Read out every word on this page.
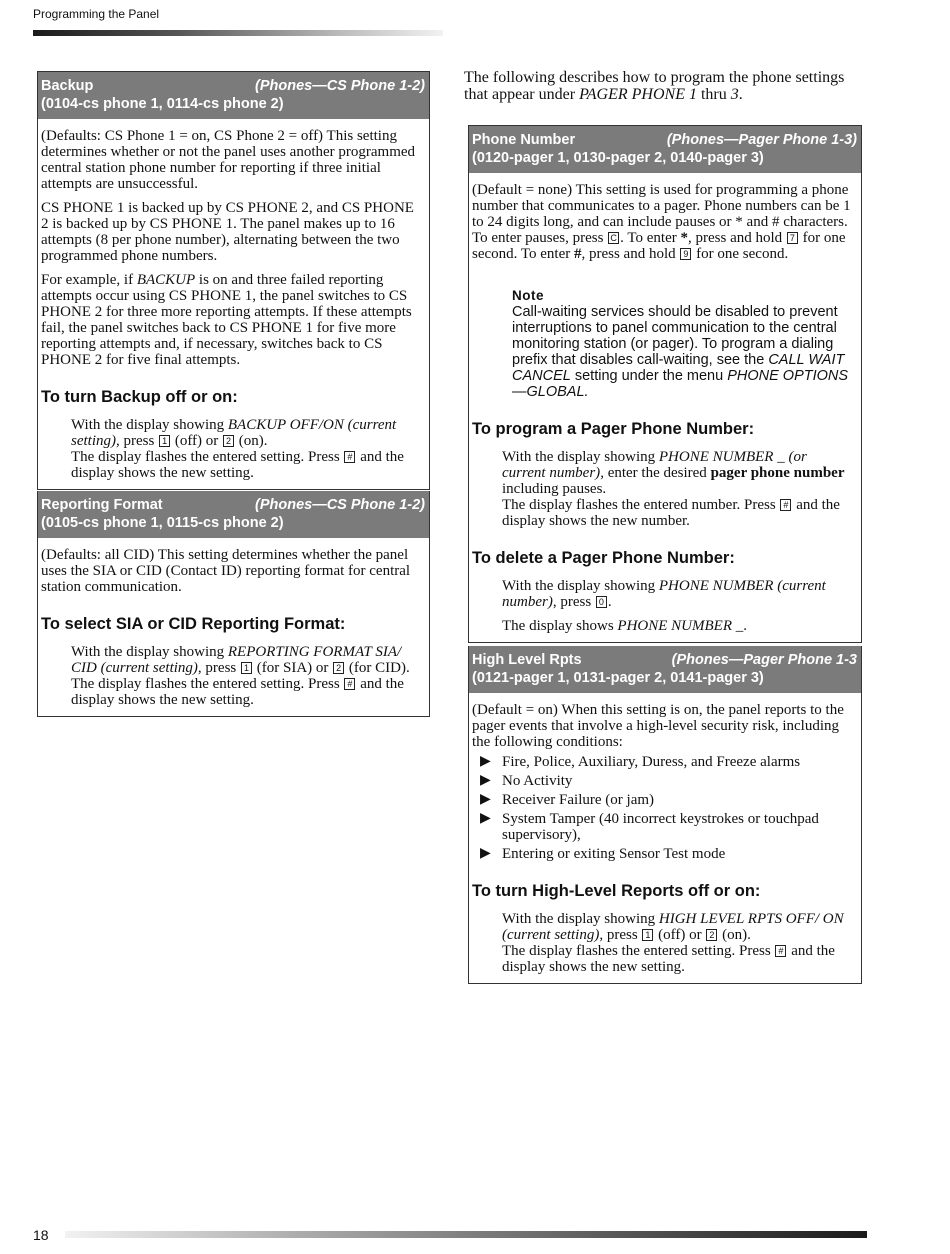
Programming the Panel
Backup	(Phones—CS Phone 1-2)
(0104-cs phone 1, 0114-cs phone 2)

(Defaults: CS Phone 1 = on, CS Phone 2 = off) This setting determines whether or not the panel uses another programmed central station phone number for reporting if three initial attempts are unsuccessful.

CS PHONE 1 is backed up by CS PHONE 2, and CS PHONE 2 is backed up by CS PHONE 1. The panel makes up to 16 attempts (8 per phone number), alternating between the two programmed phone numbers.

For example, if BACKUP is on and three failed reporting attempts occur using CS PHONE 1, the panel switches to CS PHONE 2 for three more reporting attempts. If these attempts fail, the panel switches back to CS PHONE 1 for five more reporting attempts and, if necessary, switches back to CS PHONE 2 for five final attempts.

To turn Backup off or on:

With the display showing BACKUP OFF/ON (current setting), press 1 (off) or 2 (on).

The display flashes the entered setting. Press # and the display shows the new setting.

Reporting Format	(Phones—CS Phone 1-2)
(0105-cs phone 1, 0115-cs phone 2)

(Defaults: all CID) This setting determines whether the panel uses the SIA or CID (Contact ID) reporting format for central station communication.

To select SIA or CID Reporting Format:

With the display showing REPORTING FORMAT SIA/ CID (current setting), press 1 (for SIA) or 2 (for CID).

The display flashes the entered setting. Press # and the display shows the new setting.

The following describes how to program the phone settings that appear under PAGER PHONE 1 thru 3.
Phone Number	(Phones—Pager Phone 1-3)
(0120-pager 1, 0130-pager 2, 0140-pager 3)

(Default = none) This setting is used for programming a phone number that communicates to a pager. Phone numbers can be 1 to 24 digits long, and can include pauses or * and # characters. To enter pauses, press C . To enter *, press and hold 7 for one second. To enter #, press and hold 9 for one second.

Note
Call-waiting services should be disabled to prevent interruptions to panel communication to the central monitoring station (or pager). To program a dialing prefix that disables call-waiting, see the CALL WAIT CANCEL setting under the menu PHONE OPTIONS—GLOBAL.
To program a Pager Phone Number:

With the display showing PHONE NUMBER _ (or current number), enter the desired pager phone number including pauses.

The display flashes the entered number. Press # and the display shows the new number.

To delete a Pager Phone Number:

With the display showing PHONE NUMBER (current number), press 0 .

The display shows PHONE NUMBER _.

High Level Rpts	(Phones—Pager Phone 1-3
(0121-pager 1, 0131-pager 2, 0141-pager 3)

(Default = on) When this setting is on, the panel reports to the pager events that involve a high-level security risk, including the following conditions:

▶ Fire, Police, Auxiliary, Duress, and Freeze alarms
▶ No Activity
▶ Receiver Failure (or jam)
▶ System Tamper (40 incorrect keystrokes or touchpad supervisory),
▶ Entering or exiting Sensor Test mode
To turn High-Level Reports off or on:

With the display showing HIGH LEVEL RPTS OFF/ ON (current setting), press 1 (off) or 2 (on).

The display flashes the entered setting. Press # and the display shows the new setting.

18
